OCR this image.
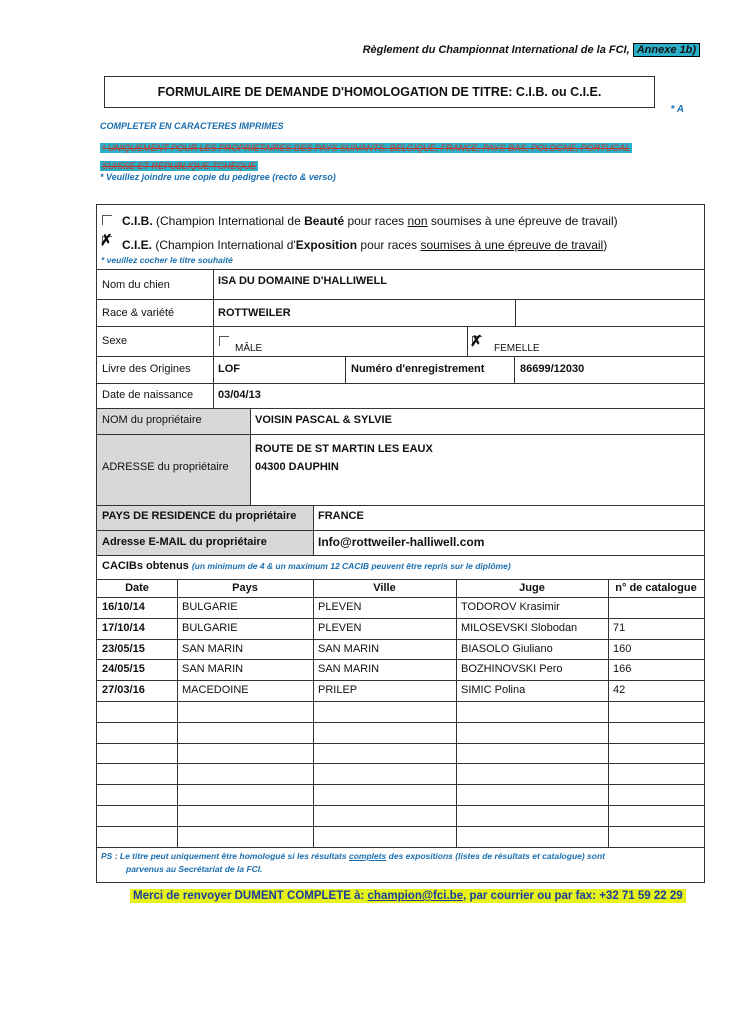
Règlement du Championnat International de la FCI, Annexe 1b)
FORMULAIRE DE DEMANDE D'HOMOLOGATION DE TITRE: C.I.B. ou C.I.E.
* A
COMPLETER EN CARACTERES IMPRIMES
* UNIQUEMENT POUR LES PROPRIETAIRES DES PAYS SUIVANTS: BELGIQUE, FRANCE, PAYS-BAS, POLOGNE, PORTUGAL
SUISSE ET REPUBLIQUE TCHEQUE
* Veuillez joindre une copie du pedigree (recto & verso)
C.I.B. (Champion International de Beauté pour races non soumises à une épreuve de travail)
✗ C.I.E. (Champion International d'Exposition pour races soumises à une épreuve de travail)
* veuillez cocher le titre souhaité
Nom du chien	ISA DU DOMAINE D'HALLIWELL
Race & variété	ROTTWEILER
Sexe
MÂLE	✗ FEMELLE
Livre des Origines LOF	Numéro d'enregistrement	86699/12030
Date de naissance 03/04/13
NOM du propriétaire	VOISIN PASCAL & SYLVIE
ADRESSE du propriétaire
ROUTE DE ST MARTIN LES EAUX
04300 DAUPHIN
PAYS DE RESIDENCE du propriétaire FRANCE
Adresse E-MAIL du propriétaire	Info@rottweiler-halliwell.com
CACIBs obtenus (un minimum de 4 & un maximum 12 CACIB peuvent être repris sur le diplôme)
Date	Pays	Ville	Juge	n° de catalogue
16/10/14	BULGARIE	PLEVEN	TODOROV Krasimir
17/10/14	BULGARIE	PLEVEN	MILOSEVSKI Slobodan	71
23/05/15	SAN MARIN	SAN MARIN	BIASOLO Giuliano	160
24/05/15	SAN MARIN	SAN MARIN	BOZHINOVSKI Pero	166
27/03/16	MACEDOINE	PRILEP	SIMIC Polina	42
PS : Le titre peut uniquement être homologué si les résultats complets des expositions (listes de résultats et catalogue) sont
parvenus au Secrétariat de la FCI.
Merci de renvoyer DUMENT COMPLETE à: champion@fci.be, par courrier ou par fax: +32 71 59 22 29
